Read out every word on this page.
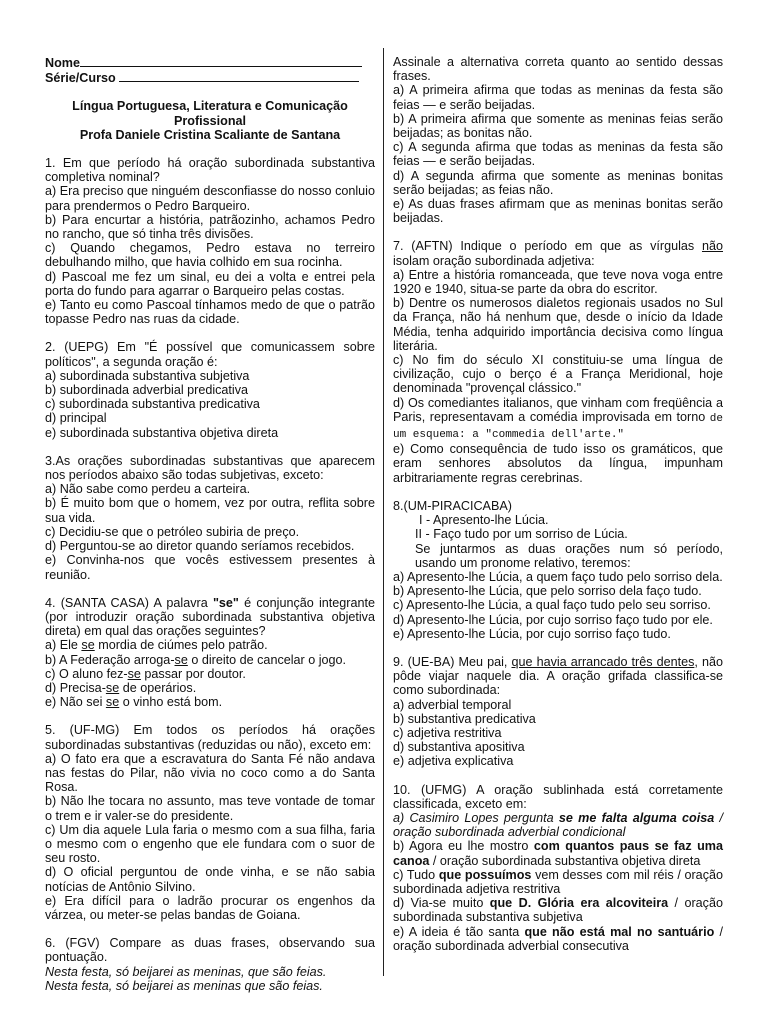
Nome

Série/Curso

Língua Portuguesa, Literatura e Comunicação Profissional

Profa Daniele Cristina Scaliante de Santana

1. Em que período há oração subordinada substantiva completiva nominal?

a) Era preciso que ninguém desconfiasse do nosso conluio para prendermos o Pedro Barqueiro.

b) Para encurtar a história, patrãozinho, achamos Pedro no rancho, que só tinha três divisões.

c) Quando chegamos, Pedro estava no terreiro debulhando milho, que havia colhido em sua rocinha.

d) Pascoal me fez um sinal, eu dei a volta e entrei pela porta do fundo para agarrar o Barqueiro pelas costas.

e) Tanto eu como Pascoal tínhamos medo de que o patrão topasse Pedro nas ruas da cidade.

2. (UEPG) Em "É possível que comunicassem sobre políticos", a segunda oração é:

a) subordinada substantiva subjetiva

b) subordinada adverbial predicativa

c) subordinada substantiva predicativa

d) principal

e) subordinada substantiva objetiva direta

3.As orações subordinadas substantivas que aparecem nos períodos abaixo são todas subjetivas, exceto:

a) Não sabe como perdeu a carteira.

b) É muito bom que o homem, vez por outra, reflita sobre sua vida.

c) Decidiu-se que o petróleo subiria de preço.

d) Perguntou-se ao diretor quando seríamos recebidos.

e) Convinha-nos que vocês estivessem presentes à reunião.

4. (SANTA CASA) A palavra "se" é conjunção integrante (por introduzir oração subordinada substantiva objetiva direta) em qual das orações seguintes?

a) Ele se mordia de ciúmes pelo patrão.

b) A Federação arroga-se o direito de cancelar o jogo.

c) O aluno fez-se passar por doutor.

d) Precisa-se de operários.

e) Não sei se o vinho está bom.

5. (UF-MG) Em todos os períodos há orações subordinadas substantivas (reduzidas ou não), exceto em:

a) O fato era que a escravatura do Santa Fé não andava nas festas do Pilar, não vivia no coco como a do Santa Rosa.

b) Não lhe tocara no assunto, mas teve vontade de tomar o trem e ir valer-se do presidente.

c) Um dia aquele Lula faria o mesmo com a sua filha, faria o mesmo com o engenho que ele fundara com o suor de seu rosto.

d) O oficial perguntou de onde vinha, e se não sabia notícias de Antônio Silvino.

e) Era difícil para o ladrão procurar os engenhos da várzea, ou meter-se pelas bandas de Goiana.

6. (FGV) Compare as duas frases, observando sua pontuação.

Nesta festa, só beijarei as meninas, que são feias.

Nesta festa, só beijarei as meninas que são feias.

Assinale a alternativa correta quanto ao sentido dessas frases.

a) A primeira afirma que todas as meninas da festa são feias — e serão beijadas.

b) A primeira afirma que somente as meninas feias serão beijadas; as bonitas não.

c) A segunda afirma que todas as meninas da festa são feias — e serão beijadas.

d) A segunda afirma que somente as meninas bonitas serão beijadas; as feias não.

e) As duas frases afirmam que as meninas bonitas serão beijadas.

7. (AFTN) Indique o período em que as vírgulas não isolam oração subordinada adjetiva:

a) Entre a história romanceada, que teve nova voga entre 1920 e 1940, situa-se parte da obra do escritor.

b) Dentre os numerosos dialetos regionais usados no Sul da França, não há nenhum que, desde o início da Idade Média, tenha adquirido importância decisiva como língua literária.

c) No fim do século XI constituiu-se uma língua de civilização, cujo o berço é a França Meridional, hoje denominada "provençal clássico."

d) Os comediantes italianos, que vinham com freqüência a Paris, representavam a comédia improvisada em torno de um esquema: a "commedia dell'arte."

e) Como consequência de tudo isso os gramáticos, que eram senhores absolutos da língua, impunham arbitrariamente regras cerebrinas.

8.(UM-PIRACICABA)

I - Apresento-lhe Lúcia.

II - Faço tudo por um sorriso de Lúcia.

Se juntarmos as duas orações num só período, usando um pronome relativo, teremos:

a) Apresento-lhe Lúcia, a quem faço tudo pelo sorriso dela.

b) Apresento-lhe Lúcia, que pelo sorriso dela faço tudo.

c) Apresento-lhe Lúcia, a qual faço tudo pelo seu sorriso.

d) Apresento-lhe Lúcia, por cujo sorriso faço tudo por ele.

e) Apresento-lhe Lúcia, por cujo sorriso faço tudo.

9. (UE-BA) Meu pai, que havia arrancado três dentes, não pôde viajar naquele dia. A oração grifada classifica-se como subordinada:

a) adverbial temporal

b) substantiva predicativa

c) adjetiva restritiva

d) substantiva apositiva

e) adjetiva explicativa

10. (UFMG) A oração sublinhada está corretamente classificada, exceto em:

a) Casimiro Lopes pergunta se me falta alguma coisa / oração subordinada adverbial condicional

b) Agora eu lhe mostro com quantos paus se faz uma canoa / oração subordinada substantiva objetiva direta

c) Tudo que possuímos vem desses com mil réis / oração subordinada adjetiva restritiva

d) Via-se muito que D. Glória era alcoviteira / oração subordinada substantiva subjetiva

e) A ideia é tão santa que não está mal no santuário / oração subordinada adverbial consecutiva
